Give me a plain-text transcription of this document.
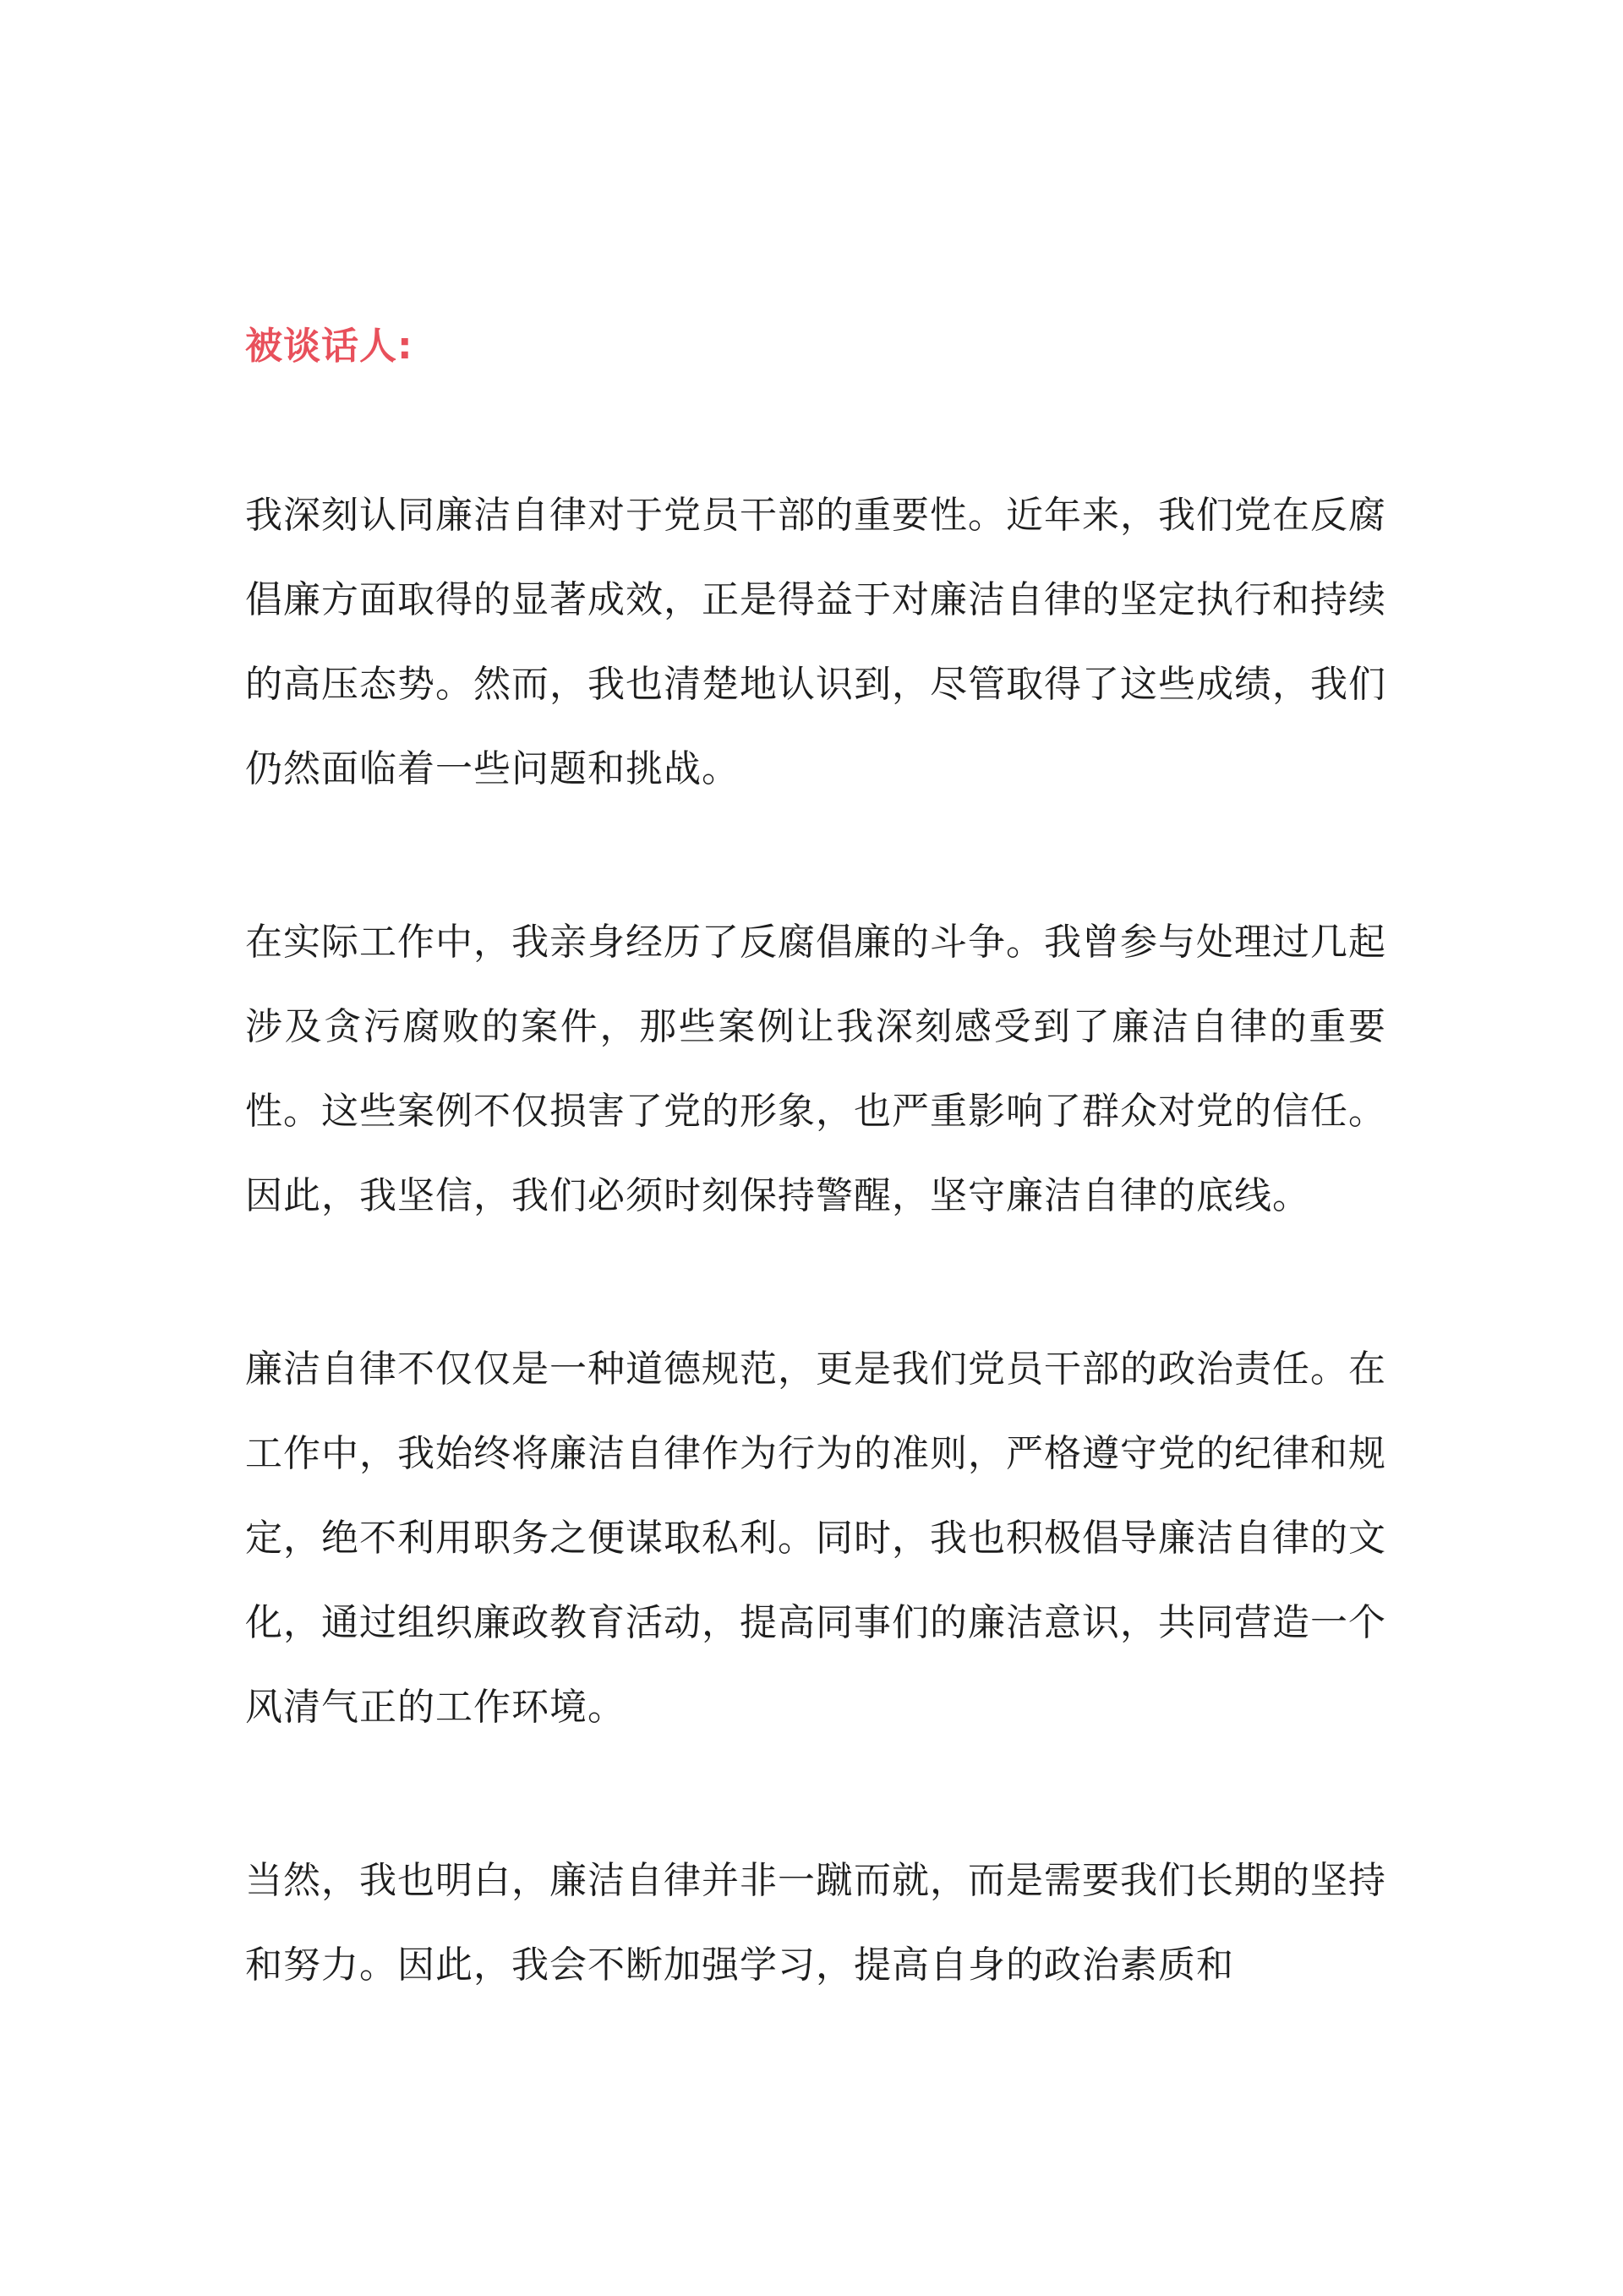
被谈话人:

我深刻认同廉洁自律对于党员干部的重要性。近年来，我们党在反腐倡廉方面取得的显著成效，正是得益于对廉洁自律的坚定执行和持续的高压态势。然而，我也清楚地认识到，尽管取得了这些成绩，我们仍然面临着一些问题和挑战。

在实际工作中，我亲身经历了反腐倡廉的斗争。我曾参与处理过几起涉及贪污腐败的案件，那些案例让我深刻感受到了廉洁自律的重要性。这些案例不仅损害了党的形象，也严重影响了群众对党的信任。因此，我坚信，我们必须时刻保持警醒，坚守廉洁自律的底线。

廉洁自律不仅仅是一种道德规范，更是我们党员干部的政治责任。在工作中，我始终将廉洁自律作为行为的准则，严格遵守党的纪律和规定，绝不利用职务之便谋取私利。同时，我也积极倡导廉洁自律的文化，通过组织廉政教育活动，提高同事们的廉洁意识，共同营造一个风清气正的工作环境。

当然，我也明白，廉洁自律并非一蹴而就，而是需要我们长期的坚持和努力。因此，我会不断加强学习，提高自身的政治素质和
